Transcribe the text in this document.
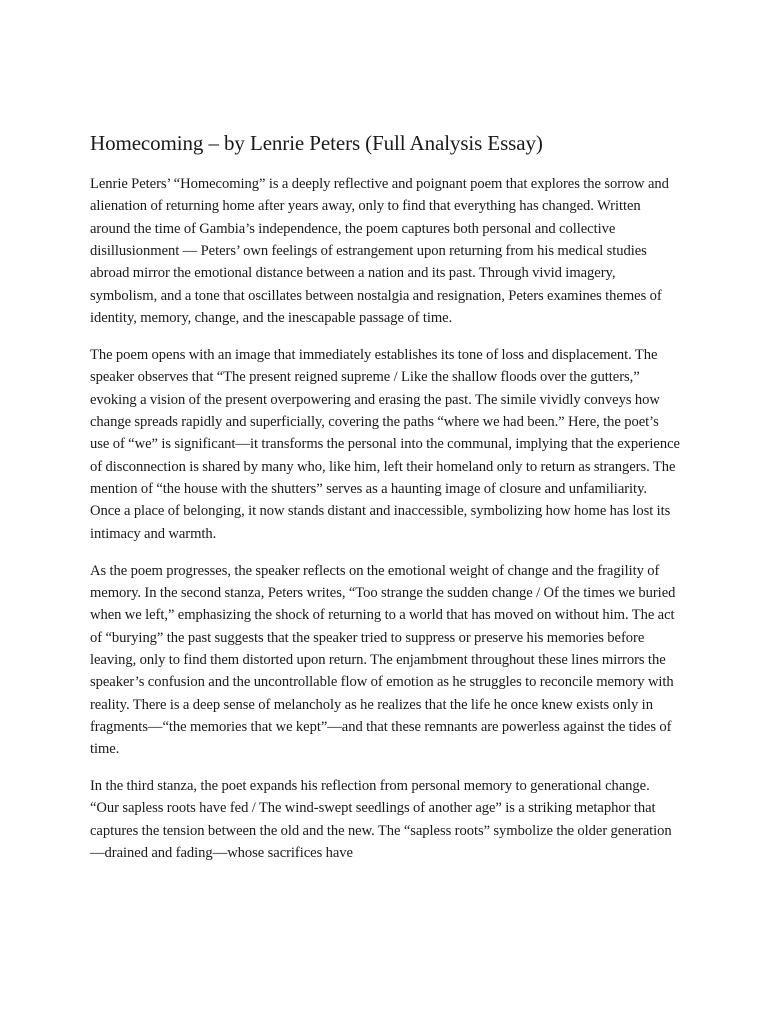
Homecoming – by Lenrie Peters (Full Analysis Essay)

Lenrie Peters’ “Homecoming” is a deeply reflective and poignant poem that explores the sorrow and alienation of returning home after years away, only to find that everything has changed. Written around the time of Gambia’s independence, the poem captures both personal and collective disillusionment — Peters’ own feelings of estrangement upon returning from his medical studies abroad mirror the emotional distance between a nation and its past. Through vivid imagery, symbolism, and a tone that oscillates between nostalgia and resignation, Peters examines themes of identity, memory, change, and the inescapable passage of time.

The poem opens with an image that immediately establishes its tone of loss and displacement. The speaker observes that “The present reigned supreme / Like the shallow floods over the gutters,” evoking a vision of the present overpowering and erasing the past. The simile vividly conveys how change spreads rapidly and superficially, covering the paths “where we had been.” Here, the poet’s use of “we” is significant—it transforms the personal into the communal, implying that the experience of disconnection is shared by many who, like him, left their homeland only to return as strangers. The mention of “the house with the shutters” serves as a haunting image of closure and unfamiliarity. Once a place of belonging, it now stands distant and inaccessible, symbolizing how home has lost its intimacy and warmth.

As the poem progresses, the speaker reflects on the emotional weight of change and the fragility of memory. In the second stanza, Peters writes, “Too strange the sudden change / Of the times we buried when we left,” emphasizing the shock of returning to a world that has moved on without him. The act of “burying” the past suggests that the speaker tried to suppress or preserve his memories before leaving, only to find them distorted upon return. The enjambment throughout these lines mirrors the speaker’s confusion and the uncontrollable flow of emotion as he struggles to reconcile memory with reality. There is a deep sense of melancholy as he realizes that the life he once knew exists only in fragments—“the memories that we kept”—and that these remnants are powerless against the tides of time.

In the third stanza, the poet expands his reflection from personal memory to generational change. “Our sapless roots have fed / The wind-swept seedlings of another age” is a striking metaphor that captures the tension between the old and the new. The “sapless roots” symbolize the older generation—drained and fading—whose sacrifices have
